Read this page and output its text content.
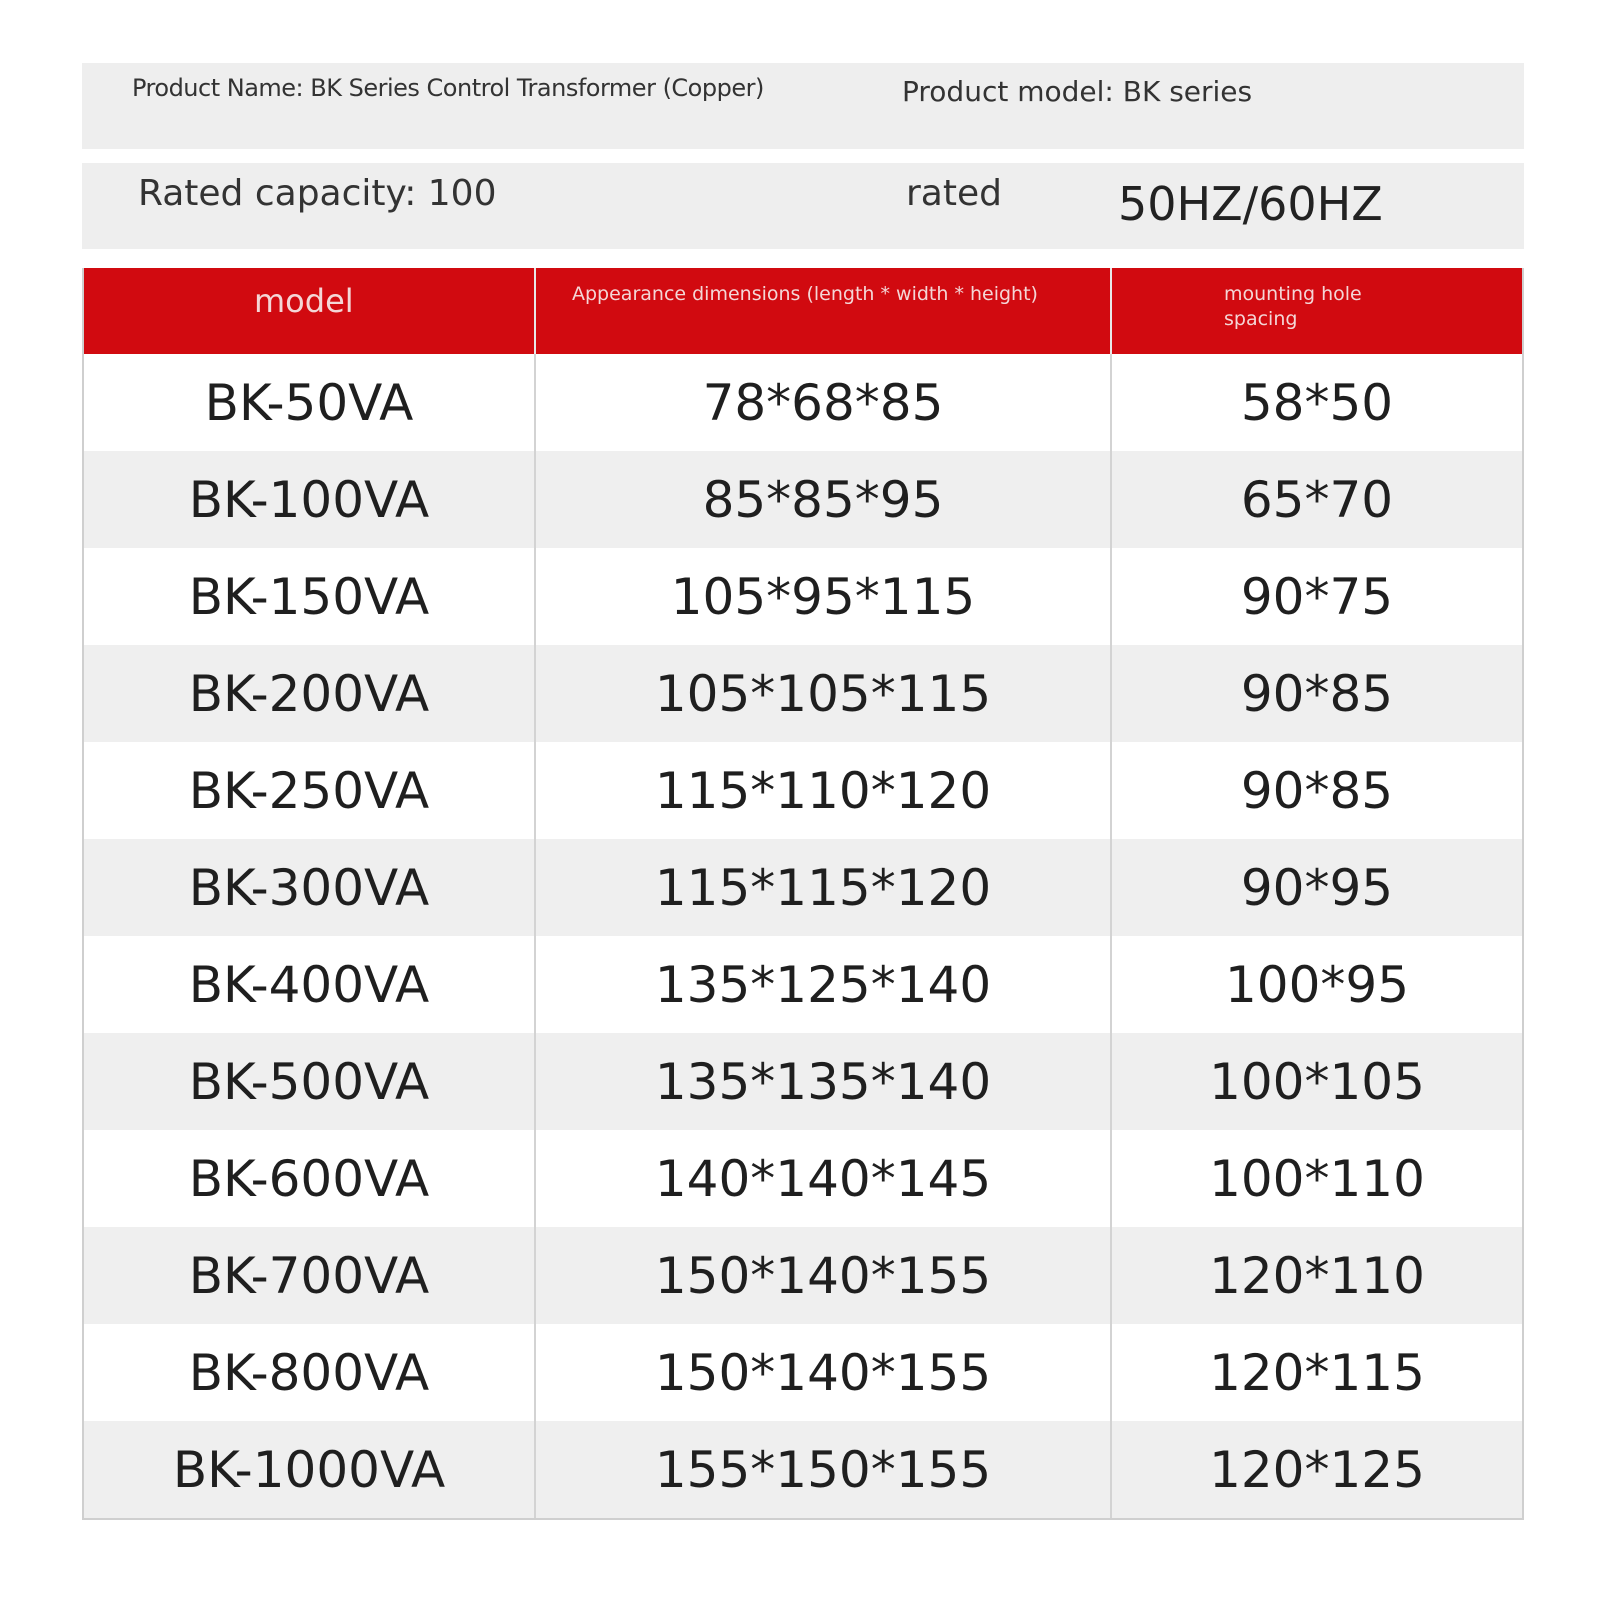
Product Name: BK Series Control Transformer (Copper)	Product model: BK series
Rated capacity: 100	rated	50HZ/60HZ
model	Appearance dimensions (length * width * height)	mounting hole spacing
BK-50VA	78*68*85	58*50
BK-100VA	85*85*95	65*70
BK-150VA	105*95*115	90*75
BK-200VA	105*105*115	90*85
BK-250VA	115*110*120	90*85
BK-300VA	115*115*120	90*95
BK-400VA	135*125*140	100*95
BK-500VA	135*135*140	100*105
BK-600VA	140*140*145	100*110
BK-700VA	150*140*155	120*110
BK-800VA	150*140*155	120*115
BK-1000VA	155*150*155	120*125
